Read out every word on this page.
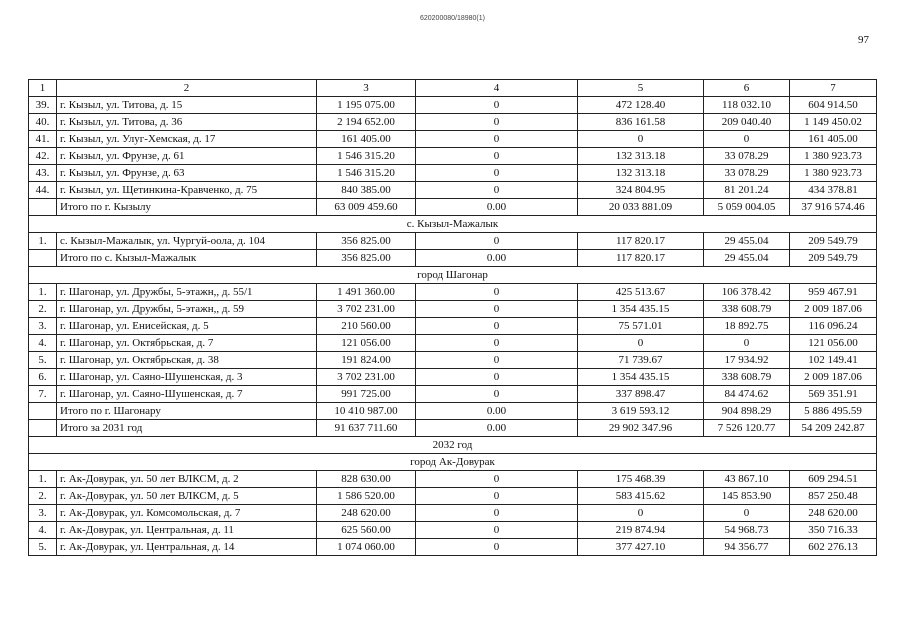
620200080/18980(1)
97
1	2	3	4	5	6	7
39.	г. Кызыл, ул. Титова, д. 15	1 195 075.00	0	472 128.40	118 032.10	604 914.50
40.	г. Кызыл, ул. Титова, д. 36	2 194 652.00	0	836 161.58	209 040.40	1 149 450.02
41.	г. Кызыл, ул. Улуг-Хемская, д. 17	161 405.00	0	0	0	161 405.00
42.	г. Кызыл, ул. Фрунзе, д. 61	1 546 315.20	0	132 313.18	33 078.29	1 380 923.73
43.	г. Кызыл, ул. Фрунзе, д. 63	1 546 315.20	0	132 313.18	33 078.29	1 380 923.73
44.	г. Кызыл, ул. Щетинкина-Кравченко, д. 75	840 385.00	0	324 804.95	81 201.24	434 378.81
	Итого по г. Кызылу	63 009 459.60	0.00	20 033 881.09	5 059 004.05	37 916 574.46
с. Кызыл-Мажалык						
1.	с. Кызыл-Мажалык, ул. Чургуй-оола, д. 104	356 825.00	0	117 820.17	29 455.04	209 549.79
	Итого по с. Кызыл-Мажалык	356 825.00	0.00	117 820.17	29 455.04	209 549.79
город Шагонар						
1.	г. Шагонар, ул. Дружбы, 5-этажн,, д. 55/1	1 491 360.00	0	425 513.67	106 378.42	959 467.91
2.	г. Шагонар, ул. Дружбы, 5-этажн,, д. 59	3 702 231.00	0	1 354 435.15	338 608.79	2 009 187.06
3.	г. Шагонар, ул. Енисейская, д. 5	210 560.00	0	75 571.01	18 892.75	116 096.24
4.	г. Шагонар, ул. Октябрьская, д. 7	121 056.00	0	0	0	121 056.00
5.	г. Шагонар, ул. Октябрьская, д. 38	191 824.00	0	71 739.67	17 934.92	102 149.41
6.	г. Шагонар, ул. Саяно-Шушенская, д. 3	3 702 231.00	0	1 354 435.15	338 608.79	2 009 187.06
7.	г. Шагонар, ул. Саяно-Шушенская, д. 7	991 725.00	0	337 898.47	84 474.62	569 351.91
	Итого по г. Шагонару	10 410 987.00	0.00	3 619 593.12	904 898.29	5 886 495.59
	Итого за 2031 год	91 637 711.60	0.00	29 902 347.96	7 526 120.77	54 209 242.87
2032 год						
город Ак-Довурак						
1.	г. Ак-Довурак, ул. 50 лет ВЛКСМ, д. 2	828 630.00	0	175 468.39	43 867.10	609 294.51
2.	г. Ак-Довурак, ул. 50 лет ВЛКСМ, д. 5	1 586 520.00	0	583 415.62	145 853.90	857 250.48
3.	г. Ак-Довурак, ул. Комсомольская, д. 7	248 620.00	0	0	0	248 620.00
4.	г. Ак-Довурак, ул. Центральная, д. 11	625 560.00	0	219 874.94	54 968.73	350 716.33
5.	г. Ак-Довурак, ул. Центральная, д. 14	1 074 060.00	0	377 427.10	94 356.77	602 276.13
